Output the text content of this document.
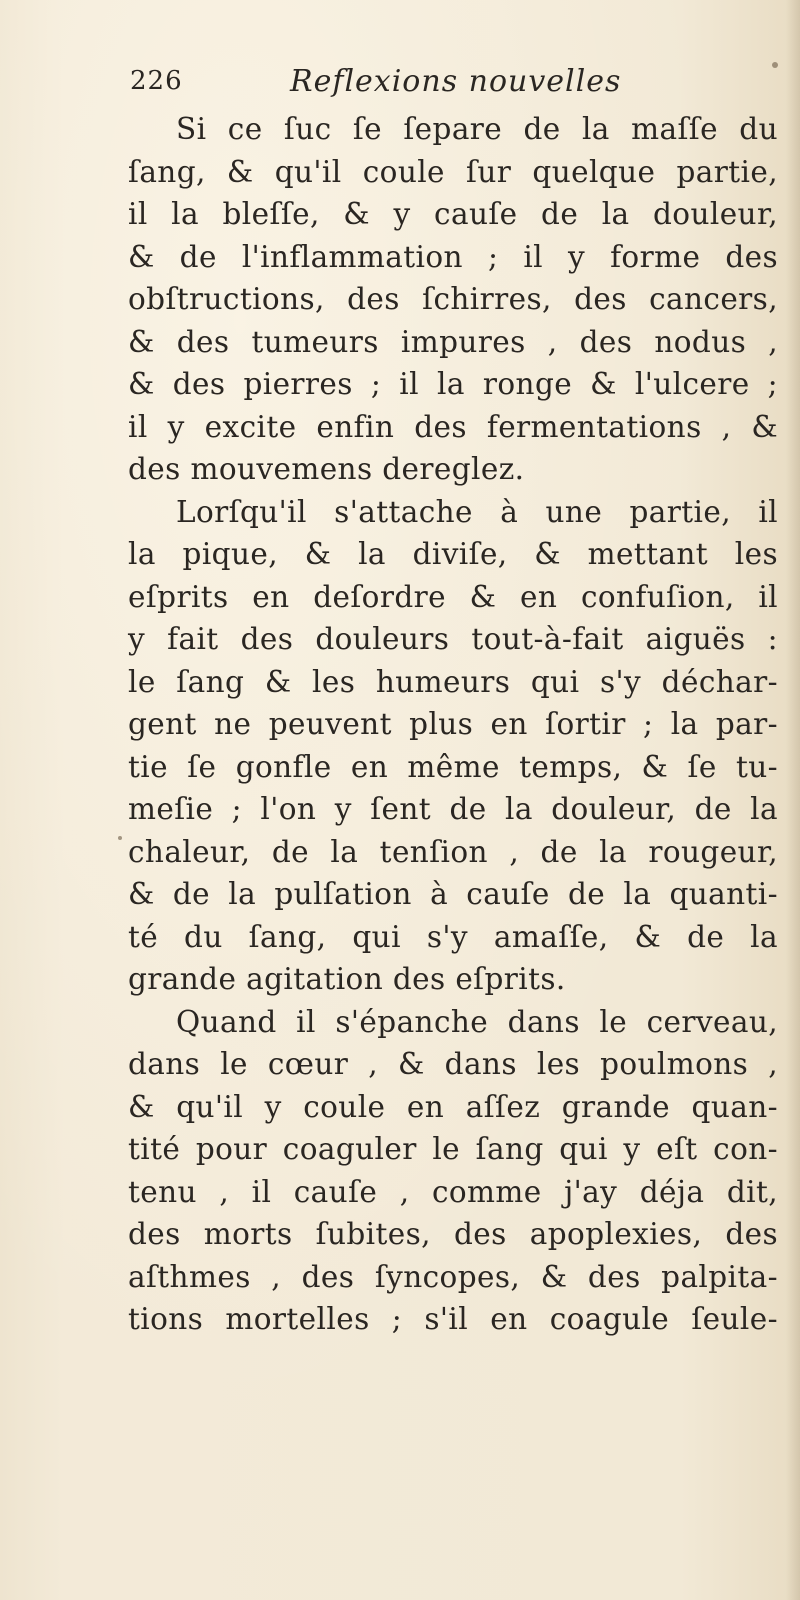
226	Reflexions nouvelles
Si ce ſuc ſe ſepare de la maſſe du
ſang, & qu'il coule ſur quelque partie,
il la bleſſe, & y cauſe de la douleur,
& de l'inflammation ; il y forme des
obſtructions, des ſchirres, des cancers,
& des tumeurs impures , des nodus ,
& des pierres ; il la ronge & l'ulcere ;
il y excite enfin des fermentations , &
des mouvemens dereglez.
Lorſqu'il s'attache à une partie, il
la pique, & la diviſe, & mettant les
eſprits en deſordre & en confuſion, il
y fait des douleurs tout-à-fait aiguës :
le ſang & les humeurs qui s'y déchar-
gent ne peuvent plus en ſortir ; la par-
tie ſe gonfle en même temps, & ſe tu-
meſie ; l'on y ſent de la douleur, de la
chaleur, de la tenſion , de la rougeur,
& de la pulſation à cauſe de la quanti-
té du ſang, qui s'y amaſſe, & de la
grande agitation des eſprits.
Quand il s'épanche dans le cerveau,
dans le cœur , & dans les poulmons ,
& qu'il y coule en aſſez grande quan-
tité pour coaguler le ſang qui y eſt con-
tenu , il cauſe , comme j'ay déja dit,
des morts ſubites, des apoplexies, des
aſthmes , des ſyncopes, & des palpita-
tions mortelles ; s'il en coagule ſeule-
